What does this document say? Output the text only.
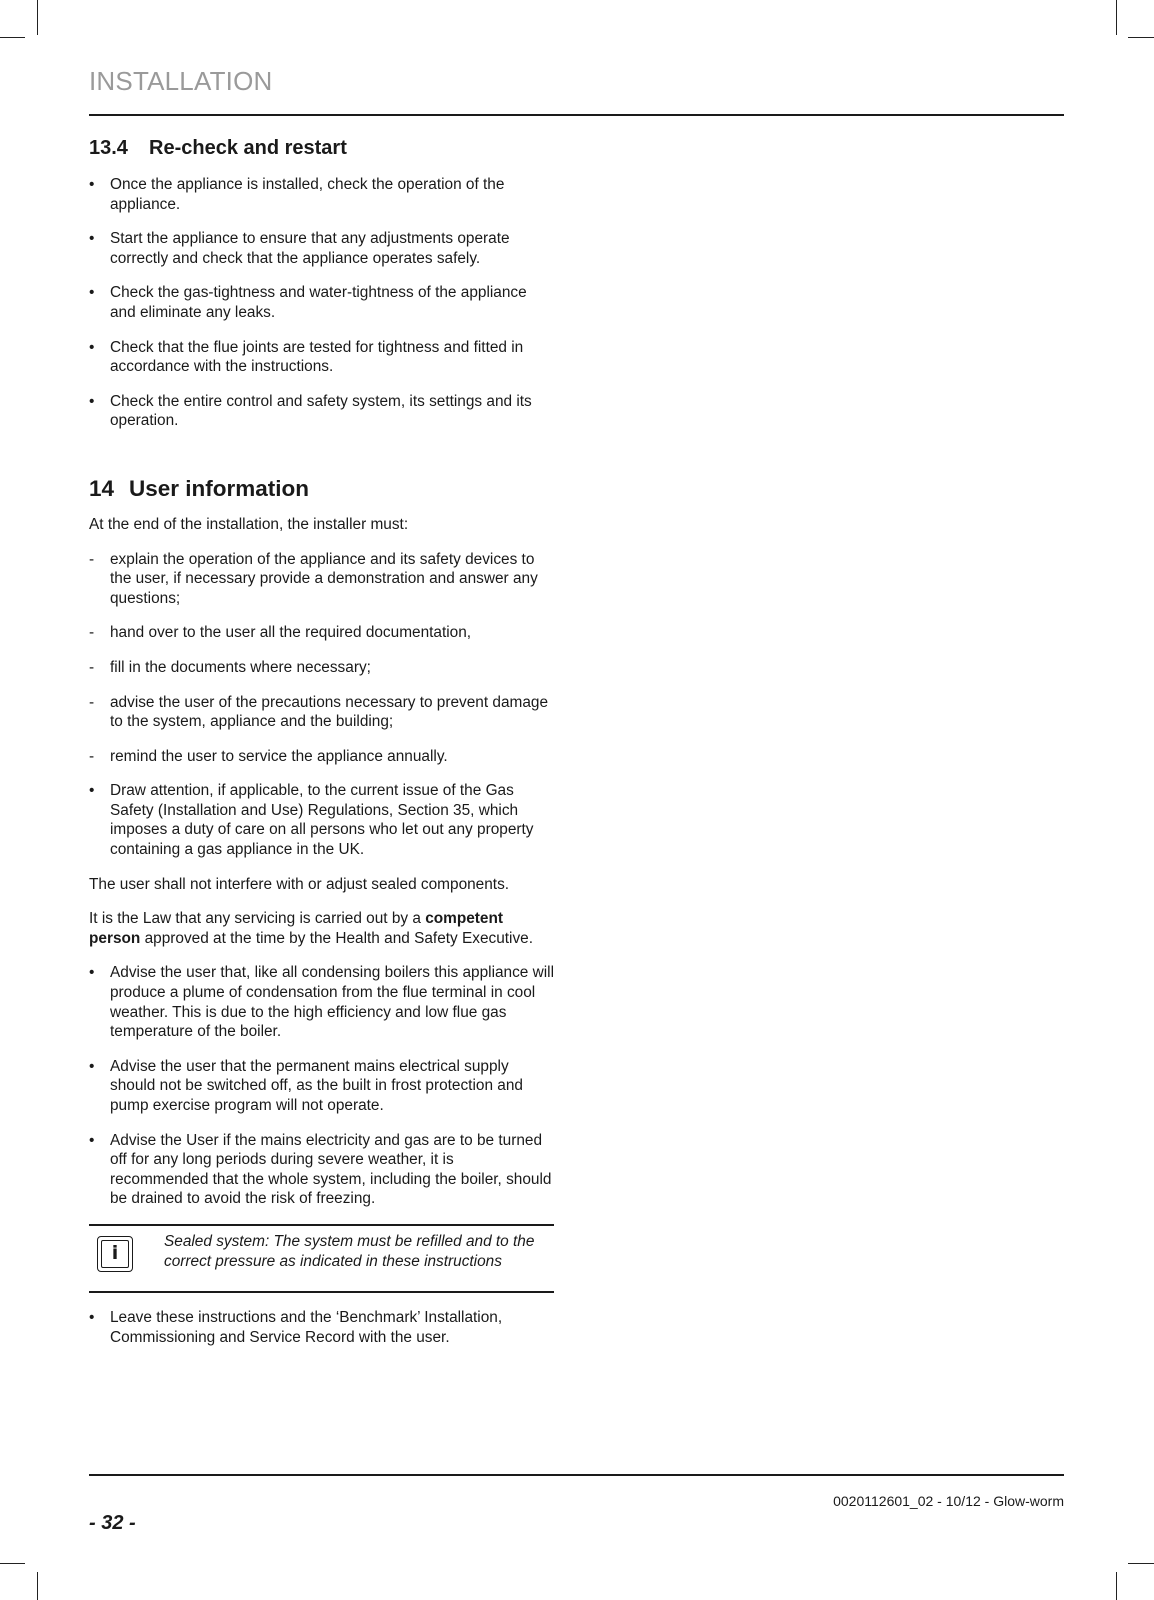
INSTALLATION
13.4 Re-check and restart
• Once the appliance is installed, check the operation of the appliance.
• Start the appliance to ensure that any adjustments operate correctly and check that the appliance operates safely.
• Check the gas-tightness and water-tightness of the appliance and eliminate any leaks.
• Check that the flue joints are tested for tightness and fitted in accordance with the instructions.
• Check the entire control and safety system, its settings and its operation.
14 User information

At the end of the installation, the installer must:

- explain the operation of the appliance and its safety devices to the user, if necessary provide a demonstration and answer any questions;
- hand over to the user all the required documentation,
- fill in the documents where necessary;
- advise the user of the precautions necessary to prevent damage to the system, appliance and the building;
- remind the user to service the appliance annually.
• Draw attention, if applicable, to the current issue of the Gas Safety (Installation and Use) Regulations, Section 35, which imposes a duty of care on all persons who let out any property containing a gas appliance in the UK.

The user shall not interfere with or adjust sealed components.

It is the Law that any servicing is carried out by a competent person approved at the time by the Health and Safety Executive.

• Advise the user that, like all condensing boilers this appliance will produce a plume of condensation from the flue terminal in cool weather. This is due to the high efficiency and low flue gas temperature of the boiler.
• Advise the user that the permanent mains electrical supply should not be switched off, as the built in frost protection and pump exercise program will not operate.
• Advise the User if the mains electricity and gas are to be turned off for any long periods during severe weather, it is recommended that the whole system, including the boiler, should be drained to avoid the risk of freezing.
i
Sealed system: The system must be refilled and to the correct pressure as indicated in these instructions
• Leave these instructions and the ‘Benchmark’ Installation, Commissioning and Service Record with the user.
0020112601_02 - 10/12 - Glow-worm
- 32 -
